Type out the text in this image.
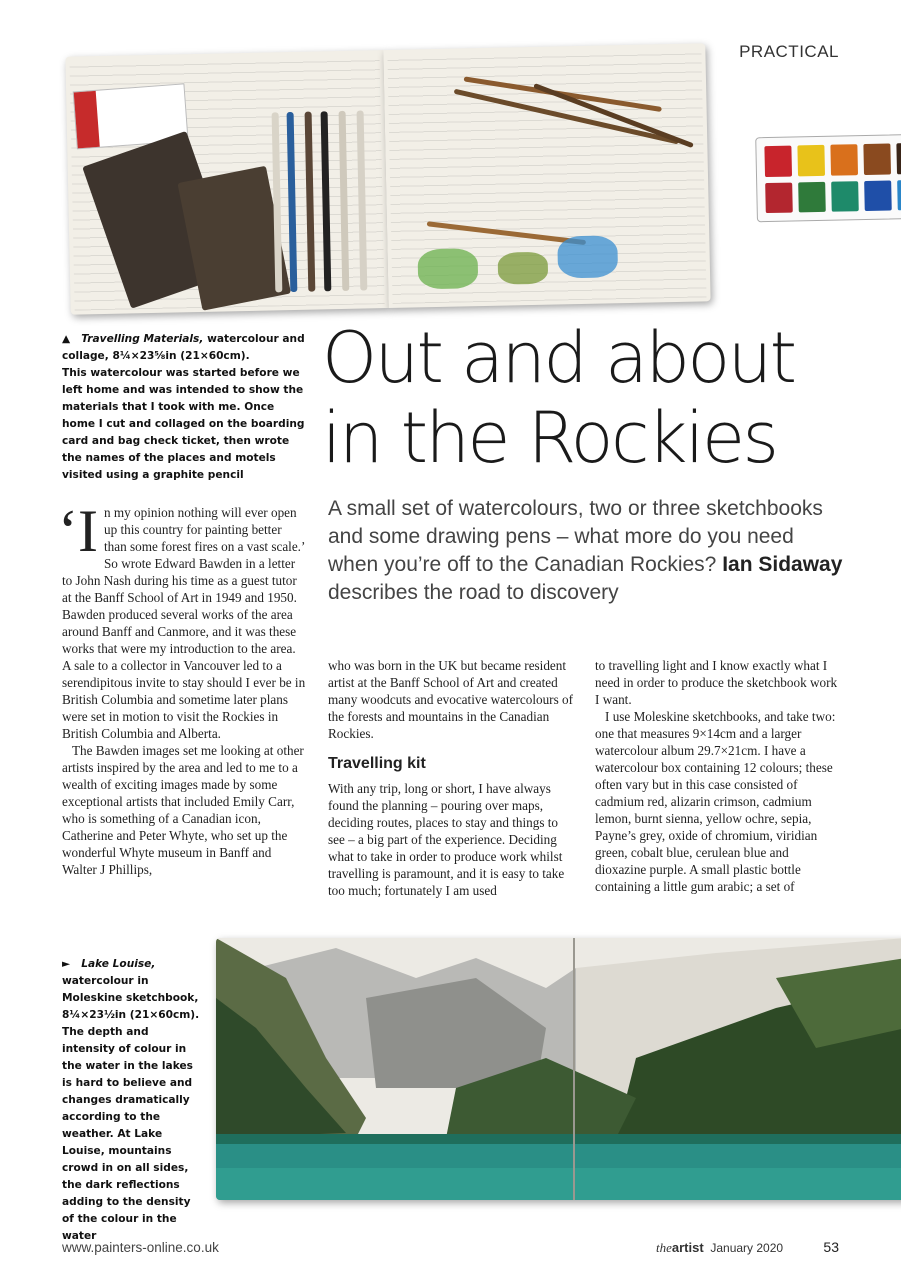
PRACTICAL
▲ Travelling Materials, watercolour and collage, 8¼×23⅝in (21×60cm).
This watercolour was started before we left home and was intended to show the materials that I took with me. Once home I cut and collaged on the boarding card and bag check ticket, then wrote the names of the places and motels visited using a graphite pencil
Out and about
in the Rockies

A small set of watercolours, two or three sketchbooks and some drawing pens – what more do you need when you’re off to the Canadian Rockies? Ian Sidaway describes the road to discovery

‘In my opinion nothing will ever open up this country for painting better than some forest fires on a vast scale.’ So wrote Edward Bawden in a letter to John Nash during his time as a guest tutor at the Banff School of Art in 1949 and 1950. Bawden produced several works of the area around Banff and Canmore, and it was these works that were my introduction to the area. A sale to a collector in Vancouver led to a serendipitous invite to stay should I ever be in British Columbia and sometime later plans were set in motion to visit the Rockies in British Columbia and Alberta.

The Bawden images set me looking at other artists inspired by the area and led to me to a wealth of exciting images made by some exceptional artists that included Emily Carr, who is something of a Canadian icon, Catherine and Peter Whyte, who set up the wonderful Whyte museum in Banff and Walter J Phillips,

who was born in the UK but became resident artist at the Banff School of Art and created many woodcuts and evocative watercolours of the forests and mountains in the Canadian Rockies.

Travelling kit

With any trip, long or short, I have always found the planning – pouring over maps, deciding routes, places to stay and things to see – a big part of the experience. Deciding what to take in order to produce work whilst travelling is paramount, and it is easy to take too much; fortunately I am used

to travelling light and I know exactly what I need in order to produce the sketchbook work I want.

I use Moleskine sketchbooks, and take two: one that measures 9×14cm and a larger watercolour album 29.7×21cm. I have a watercolour box containing 12 colours; these often vary but in this case consisted of cadmium red, alizarin crimson, cadmium lemon, burnt sienna, yellow ochre, sepia, Payne’s grey, oxide of chromium, viridian green, cobalt blue, cerulean blue and dioxazine purple. A small plastic bottle containing a little gum arabic; a set of

► Lake Louise, watercolour in Moleskine sketchbook, 8¼×23½in (21×60cm).
The depth and intensity of colour in the water in the lakes is hard to believe and changes dramatically according to the weather. At Lake Louise, mountains crowd in on all sides, the dark reflections adding to the density of the colour in the water
www.painters-online.co.uk	theartist January 2020	53
